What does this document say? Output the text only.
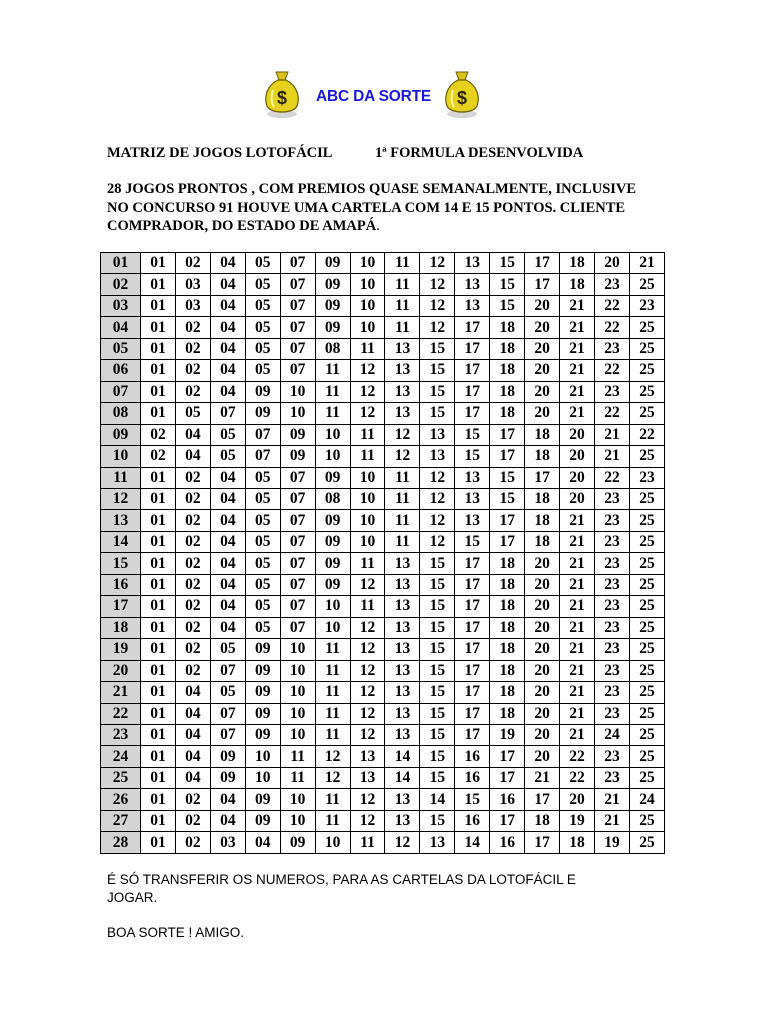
$ ABC DA SORTE $
MATRIZ DE JOGOS LOTOFÁCIL	1ª FORMULA DESENVOLVIDA
28 JOGOS PRONTOS , COM PREMIOS QUASE SEMANALMENTE, INCLUSIVE
NO CONCURSO 91 HOUVE UMA CARTELA COM 14 E 15 PONTOS. CLIENTE
COMPRADOR, DO ESTADO DE AMAPÁ.
01	01	02	04	05	07	09	10	11	12	13	15	17	18	20	21
02	01	03	04	05	07	09	10	11	12	13	15	17	18	23	25
03	01	03	04	05	07	09	10	11	12	13	15	20	21	22	23
04	01	02	04	05	07	09	10	11	12	17	18	20	21	22	25
05	01	02	04	05	07	08	11	13	15	17	18	20	21	23	25
06	01	02	04	05	07	11	12	13	15	17	18	20	21	22	25
07	01	02	04	09	10	11	12	13	15	17	18	20	21	23	25
08	01	05	07	09	10	11	12	13	15	17	18	20	21	22	25
09	02	04	05	07	09	10	11	12	13	15	17	18	20	21	22
10	02	04	05	07	09	10	11	12	13	15	17	18	20	21	25
11	01	02	04	05	07	09	10	11	12	13	15	17	20	22	23
12	01	02	04	05	07	08	10	11	12	13	15	18	20	23	25
13	01	02	04	05	07	09	10	11	12	13	17	18	21	23	25
14	01	02	04	05	07	09	10	11	12	15	17	18	21	23	25
15	01	02	04	05	07	09	11	13	15	17	18	20	21	23	25
16	01	02	04	05	07	09	12	13	15	17	18	20	21	23	25
17	01	02	04	05	07	10	11	13	15	17	18	20	21	23	25
18	01	02	04	05	07	10	12	13	15	17	18	20	21	23	25
19	01	02	05	09	10	11	12	13	15	17	18	20	21	23	25
20	01	02	07	09	10	11	12	13	15	17	18	20	21	23	25
21	01	04	05	09	10	11	12	13	15	17	18	20	21	23	25
22	01	04	07	09	10	11	12	13	15	17	18	20	21	23	25
23	01	04	07	09	10	11	12	13	15	17	19	20	21	24	25
24	01	04	09	10	11	12	13	14	15	16	17	20	22	23	25
25	01	04	09	10	11	12	13	14	15	16	17	21	22	23	25
26	01	02	04	09	10	11	12	13	14	15	16	17	20	21	24
27	01	02	04	09	10	11	12	13	15	16	17	18	19	21	25
28	01	02	03	04	09	10	11	12	13	14	16	17	18	19	25
É SÓ TRANSFERIR OS NUMEROS, PARA AS CARTELAS DA LOTOFÁCIL E
JOGAR.
BOA SORTE ! AMIGO.
